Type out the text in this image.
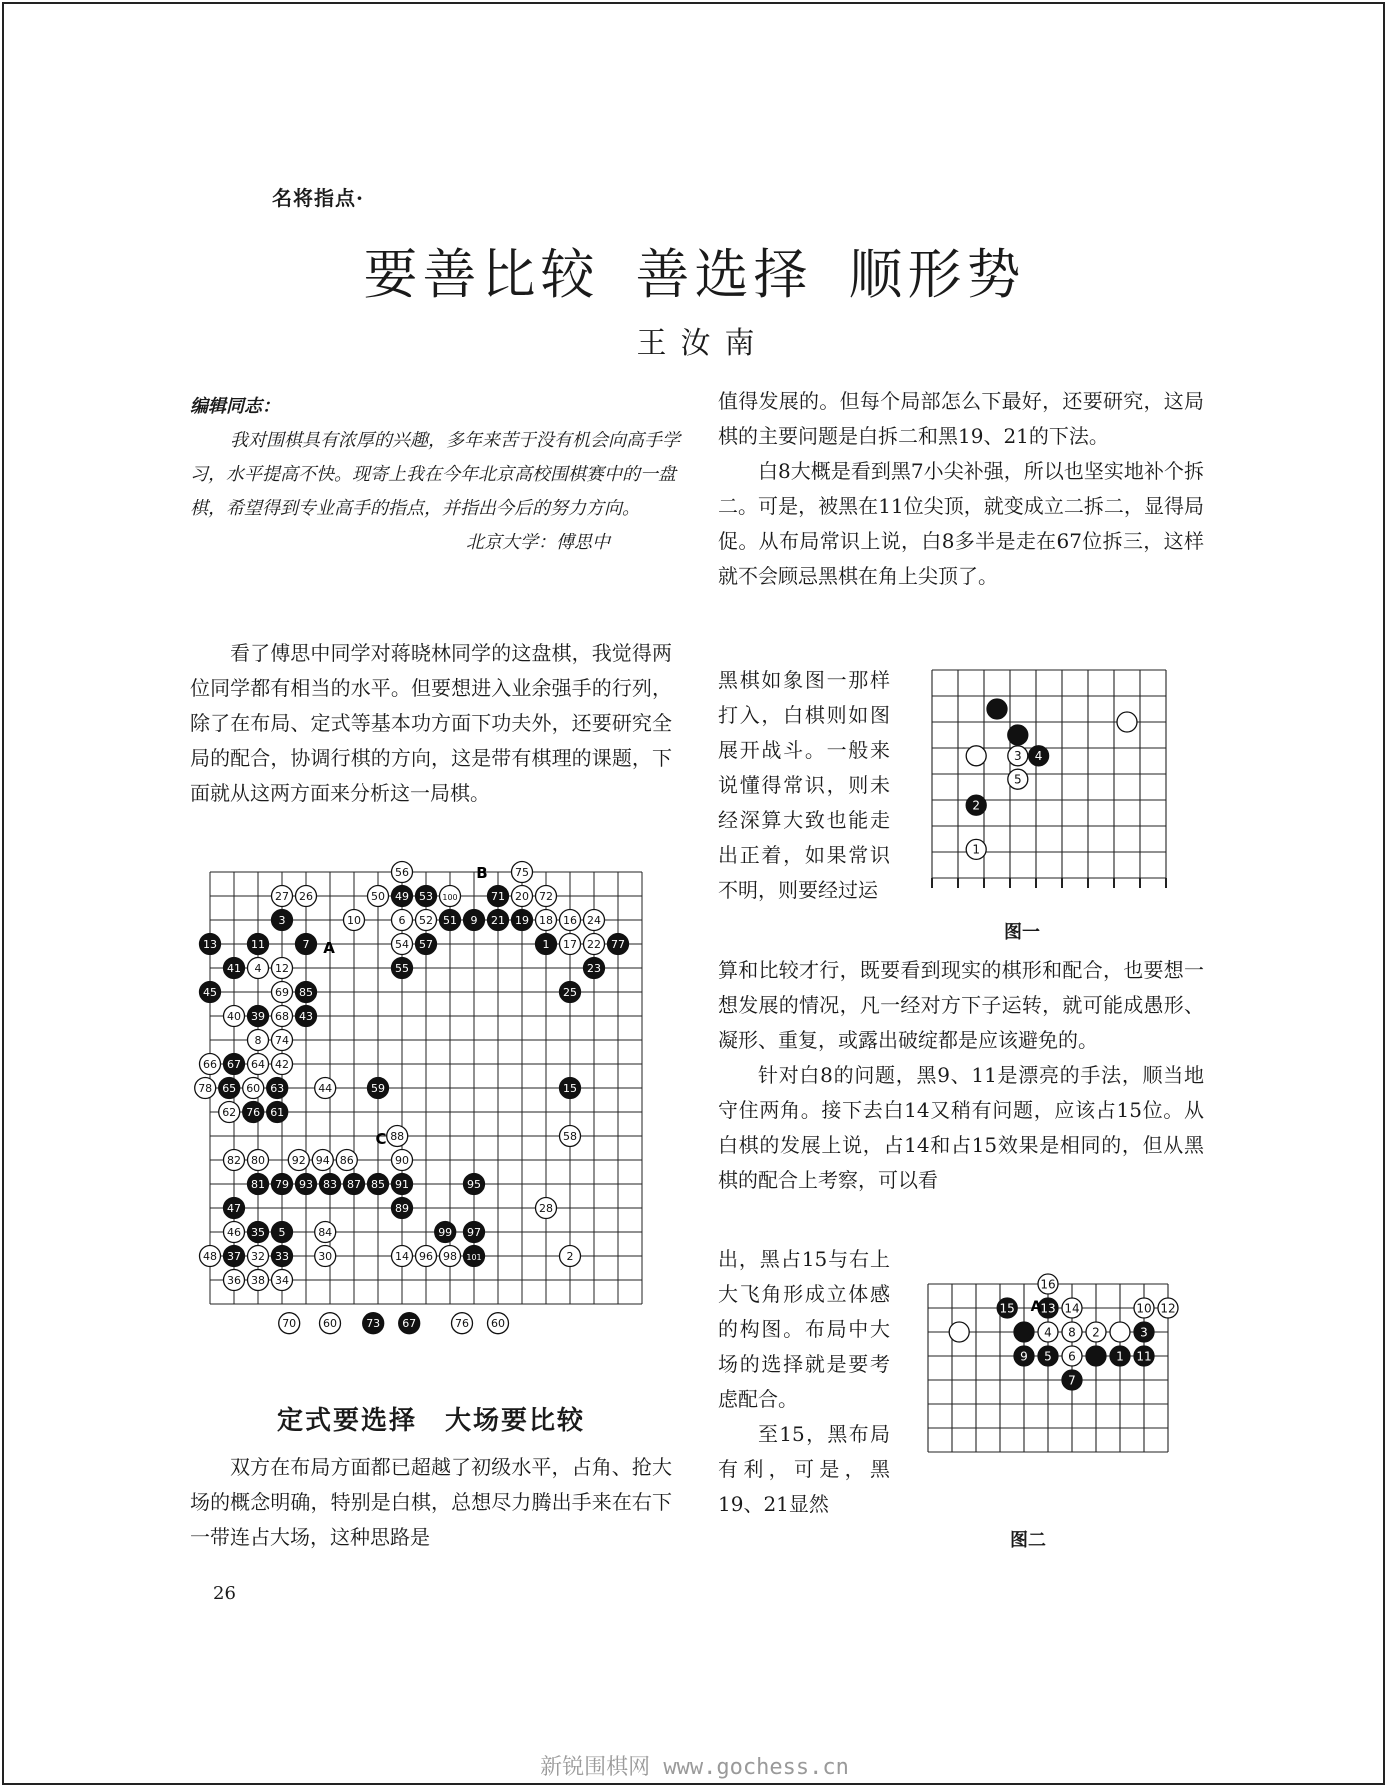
名将指点·
要善比较 善选择 顺形势
王汝南

编辑同志：

我对围棋具有浓厚的兴趣，多年来苦于没有机会向高手学习，水平提高不快。现寄上我在今年北京高校围棋赛中的一盘棋，希望得到专业高手的指点，并指出今后的努力方向。

北京大学：傅思中

看了傅思中同学对蒋晓林同学的这盘棋，我觉得两位同学都有相当的水平。但要想进入业余强手的行列，除了在布局、定式等基本功方面下功夫外，还要研究全局的配合，协调行棋的方向，这是带有棋理的课题，下面就从这两方面来分析这一局棋。

56	75
27 26	50 49 53 100	71 20 72
3	10	6 52 51 9 21 19 18 16 24
13	11	7	54 57	1 17 22 77
41 4 12	55	23
45	69 85	25
40 39 68 43
8 74
66 67 64 42
78 65 60 63	44	59	15
62 76 61
88	58
82 80 92 94 86	90
81 79 93 83 87 85 91	95
47	89	28
46 35 5	84	99 97
48 37 32 33	30	14 96 98 101	2
36 38 34
70 60	73 67	76 60
A
B
C
定式要选择　大场要比较

双方在布局方面都已超越了初级水平，占角、抢大场的概念明确，特别是白棋，总想尽力腾出手来在右下一带连占大场，这种思路是

值得发展的。但每个局部怎么下最好，还要研究，这局棋的主要问题是白拆二和黑19、21的下法。

白8大概是看到黑7小尖补强，所以也坚实地补个拆二。可是，被黑在11位尖顶，就变成立二拆二，显得局促。从布局常识上说，白8多半是走在67位拆三，这样就不会顾忌黑棋在角上尖顶了。

黑棋如象图一那样打入，白棋则如图展开战斗。一般来说懂得常识，则未经深算大致也能走出正着，如果常识不明，则要经过运

3 4
5
2
1
图一

算和比较才行，既要看到现实的棋形和配合，也要想一想发展的情况，凡一经对方下子运转，就可能成愚形、凝形、重复，或露出破绽都是应该避免的。

针对白8的问题，黑9、11是漂亮的手法，顺当地守住两角。接下去白14又稍有问题，应该占15位。从白棋的发展上说，占14和占15效果是相同的，但从黑棋的配合上考察，可以看

出，黑占15与右上大飞角形成立体感的构图。布局中大场的选择就是要考虑配合。

至15，黑布局有利，可是，黑19、21显然

16
15 13 14	10 12
4 8 2	3
9 5 6	1 11
7
A
图二
26
新锐围棋网 www.gochess.cn
